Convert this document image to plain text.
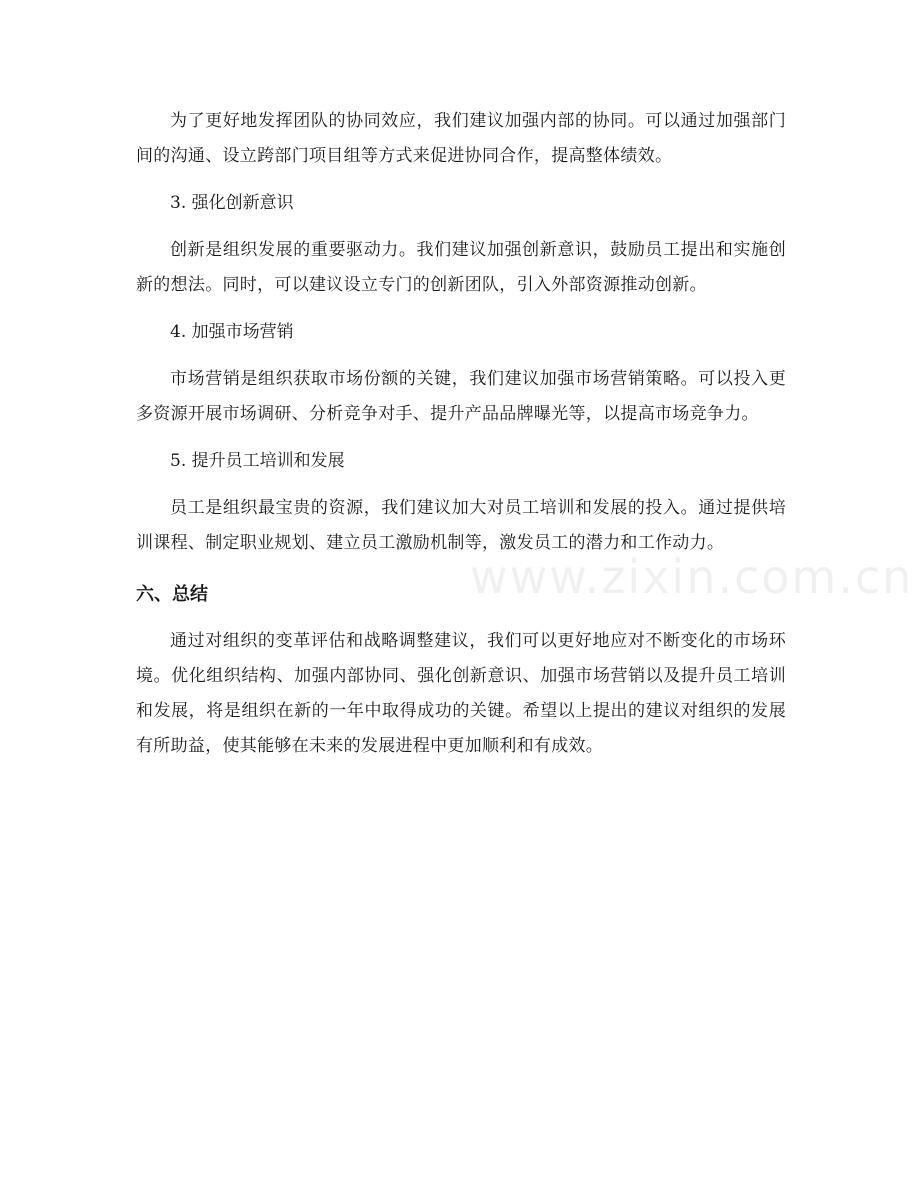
为了更好地发挥团队的协同效应，我们建议加强内部的协同。可以通过加强部门间的沟通、设立跨部门项目组等方式来促进协同合作，提高整体绩效。

3. 强化创新意识

创新是组织发展的重要驱动力。我们建议加强创新意识，鼓励员工提出和实施创新的想法。同时，可以建议设立专门的创新团队，引入外部资源推动创新。

4. 加强市场营销

市场营销是组织获取市场份额的关键，我们建议加强市场营销策略。可以投入更多资源开展市场调研、分析竞争对手、提升产品品牌曝光等，以提高市场竞争力。

5. 提升员工培训和发展

员工是组织最宝贵的资源，我们建议加大对员工培训和发展的投入。通过提供培训课程、制定职业规划、建立员工激励机制等，激发员工的潜力和工作动力。

六、总结

通过对组织的变革评估和战略调整建议，我们可以更好地应对不断变化的市场环境。优化组织结构、加强内部协同、强化创新意识、加强市场营销以及提升员工培训和发展，将是组织在新的一年中取得成功的关键。希望以上提出的建议对组织的发展有所助益，使其能够在未来的发展进程中更加顺利和有成效。

www.zixin.com.cn
